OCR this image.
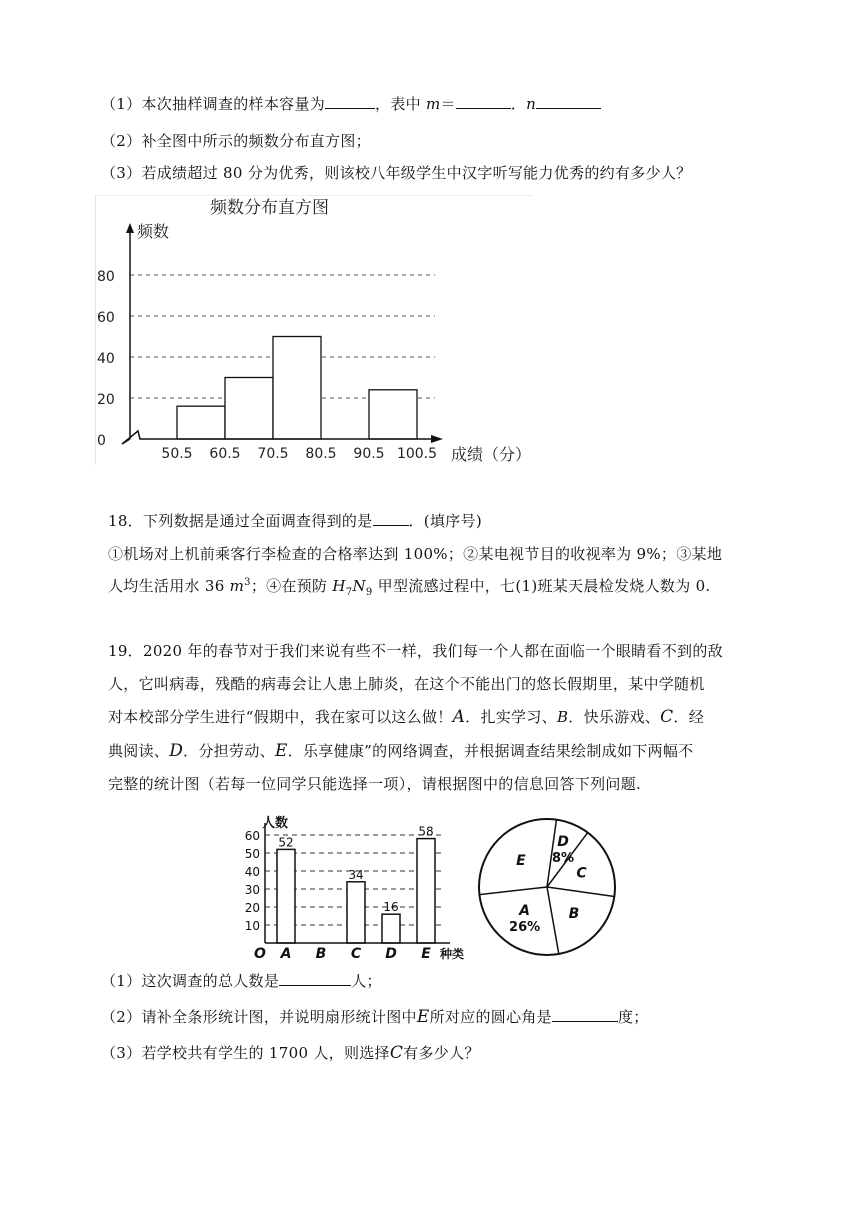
（1）本次抽样调查的样本容量为	，表中 m＝	．n
（2）补全图中所示的频数分布直方图；
（3）若成绩超过 80 分为优秀，则该校八年级学生中汉字听写能力优秀的约有多少人？
频数分布直方图
频数
成绩（分）
0
20
40
60
80
50.5 60.5 70.5 80.5 90.5 100.5
18．下列数据是通过全面调查得到的是 ．(填序号)
①机场对上机前乘客行李检查的合格率达到 100%；②某电视节目的收视率为 9%；③某地
人均生活用水 36 $m^3$；④在预防 $H_7N_9$ 甲型流感过程中，七(1)班某天晨检发烧人数为 0.
19．2020 年的春节对于我们来说有些不一样，我们每一个人都在面临一个眼睛看不到的敌
人，它叫病毒，残酷的病毒会让人患上肺炎，在这个不能出门的悠长假期里，某中学随机
对本校部分学生进行“假期中，我在家可以这么做！A．扎实学习、B．快乐游戏、C．经
典阅读、D．分担劳动、E．乐享健康”的网络调查，并根据调查结果绘制成如下两幅不
完整的统计图（若每一位同学只能选择一项），请根据图中的信息回答下列问题.
人数
52
34
16
58
10
20
30
40
50
60
A B C D E
O	种类
D
8%
C
B
A
26%
E
（1）这次调查的总人数是	人；
（2）请补全条形统计图，并说明扇形统计图中E所对应的圆心角是	度；
（3）若学校共有学生的 1700 人，则选择C有多少人？
